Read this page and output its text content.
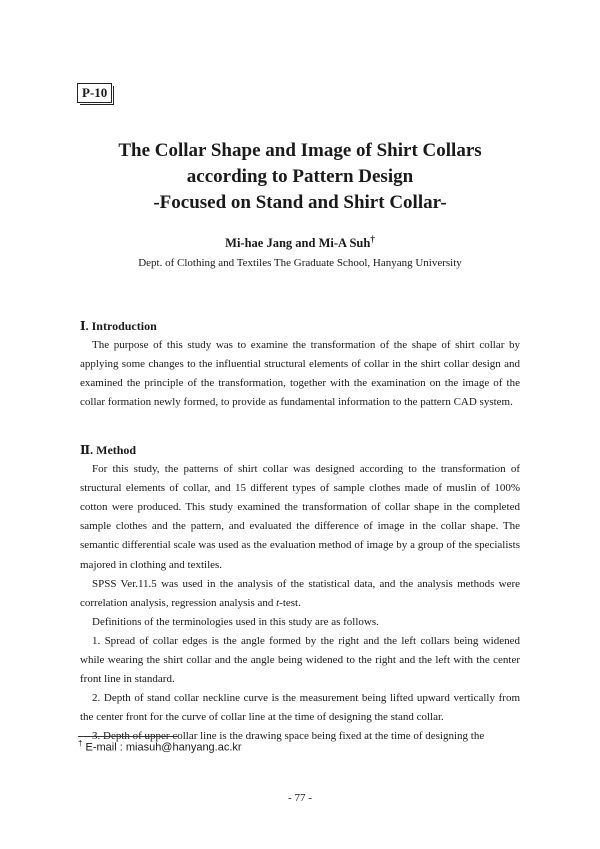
P-10
The Collar Shape and Image of Shirt Collars
according to Pattern Design
-Focused on Stand and Shirt Collar-
Mi-hae Jang and Mi-A Suh†
Dept. of Clothing and Textiles The Graduate School, Hanyang University
Ⅰ. Introduction

The purpose of this study was to examine the transformation of the shape of shirt collar by applying some changes to the influential structural elements of collar in the shirt collar design and examined the principle of the transformation, together with the examination on the image of the collar formation newly formed, to provide as fundamental information to the pattern CAD system.

Ⅱ. Method

For this study, the patterns of shirt collar was designed according to the transformation of structural elements of collar, and 15 different types of sample clothes made of muslin of 100% cotton were produced. This study examined the transformation of collar shape in the completed sample clothes and the pattern, and evaluated the difference of image in the collar shape. The semantic differential scale was used as the evaluation method of image by a group of the specialists majored in clothing and textiles.

SPSS Ver.11.5 was used in the analysis of the statistical data, and the analysis methods were correlation analysis, regression analysis and t-test.

Definitions of the terminologies used in this study are as follows.

1. Spread of collar edges is the angle formed by the right and the left collars being widened while wearing the shirt collar and the angle being widened to the right and the left with the center front line in standard.

2. Depth of stand collar neckline curve is the measurement being lifted upward vertically from the center front for the curve of collar line at the time of designing the stand collar.

3. Depth of upper collar line is the drawing space being fixed at the time of designing the

† E-mail : miasuh@hanyang.ac.kr
- 77 -
